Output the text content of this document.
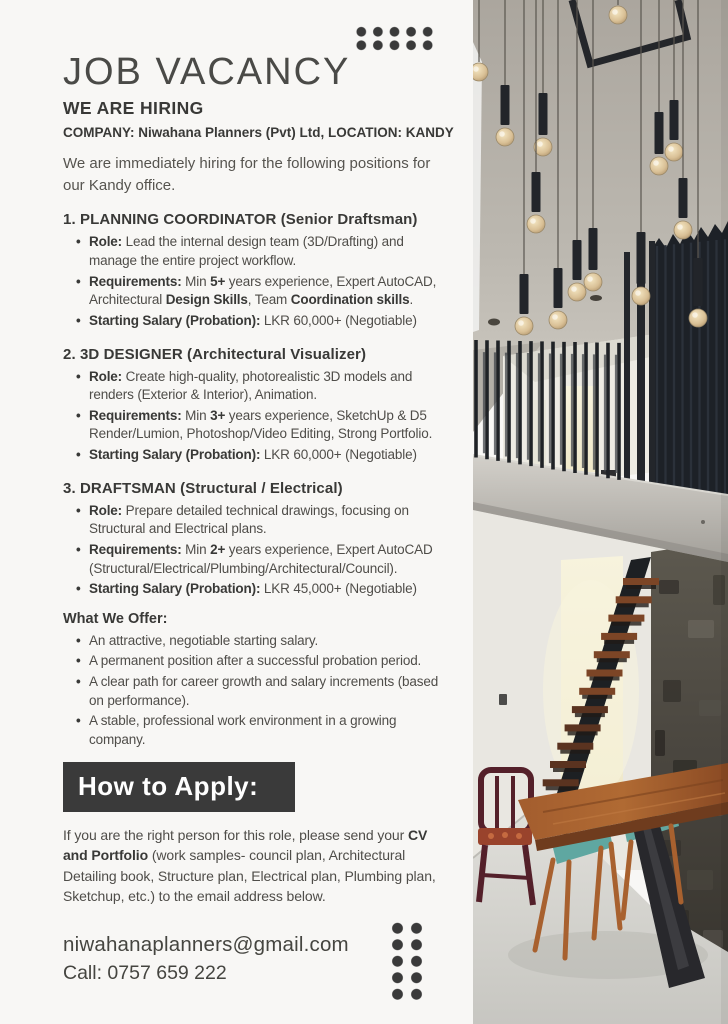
JOB VACANCY
WE ARE HIRING
COMPANY: Niwahana Planners (Pvt) Ltd, LOCATION: KANDY

We are immediately hiring for the following positions for our Kandy office.

1. PLANNING COORDINATOR (Senior Draftsman)
• Role: Lead the internal design team (3D/Drafting) and manage the entire project workflow.
• Requirements: Min 5+ years experience, Expert AutoCAD, Architectural Design Skills, Team Coordination skills.
• Starting Salary (Probation): LKR 60,000+ (Negotiable)
2. 3D DESIGNER (Architectural Visualizer)
• Role: Create high-quality, photorealistic 3D models and renders (Exterior & Interior), Animation.
• Requirements: Min 3+ years experience, SketchUp & D5 Render/Lumion, Photoshop/Video Editing, Strong Portfolio.
• Starting Salary (Probation): LKR 60,000+ (Negotiable)
3. DRAFTSMAN (Structural / Electrical)
• Role: Prepare detailed technical drawings, focusing on Structural and Electrical plans.
• Requirements: Min 2+ years experience, Expert AutoCAD (Structural/Electrical/Plumbing/Architectural/Council).
• Starting Salary (Probation): LKR 45,000+ (Negotiable)
What We Offer:
• An attractive, negotiable starting salary.
• A permanent position after a successful probation period.
• A clear path for career growth and salary increments (based on performance).
• A stable, professional work environment in a growing company.
How to Apply:

If you are the right person for this role, please send your CV and Portfolio (work samples- council plan, Architectural Detailing book, Structure plan, Electrical plan, Plumbing plan, Sketchup, etc.) to the email address below.

niwahanaplanners@gmail.com
Call: 0757 659 222
